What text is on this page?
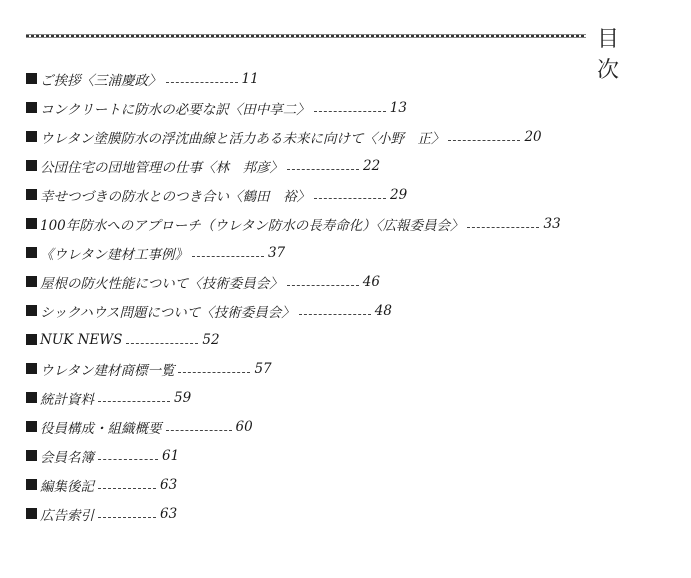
目 次
ご挨拶〈三浦慶政〉	11
コンクリートに防水の必要な訳〈田中享二〉	13
ウレタン塗膜防水の浮沈曲線と活力ある未来に向けて〈小野　正〉	20
公団住宅の団地管理の仕事〈林　邦彦〉	22
幸せつづきの防水とのつき合い〈鶴田　裕〉	29
100年防水へのアプローチ（ウレタン防水の長寿命化）〈広報委員会〉	33
《ウレタン建材工事例》	37
屋根の防火性能について〈技術委員会〉	46
シックハウス問題について〈技術委員会〉	48
NUK NEWS	52
ウレタン建材商標一覧	57
統計資料	59
役員構成・組織概要	60
会員名簿	61
編集後記	63
広告索引	63
